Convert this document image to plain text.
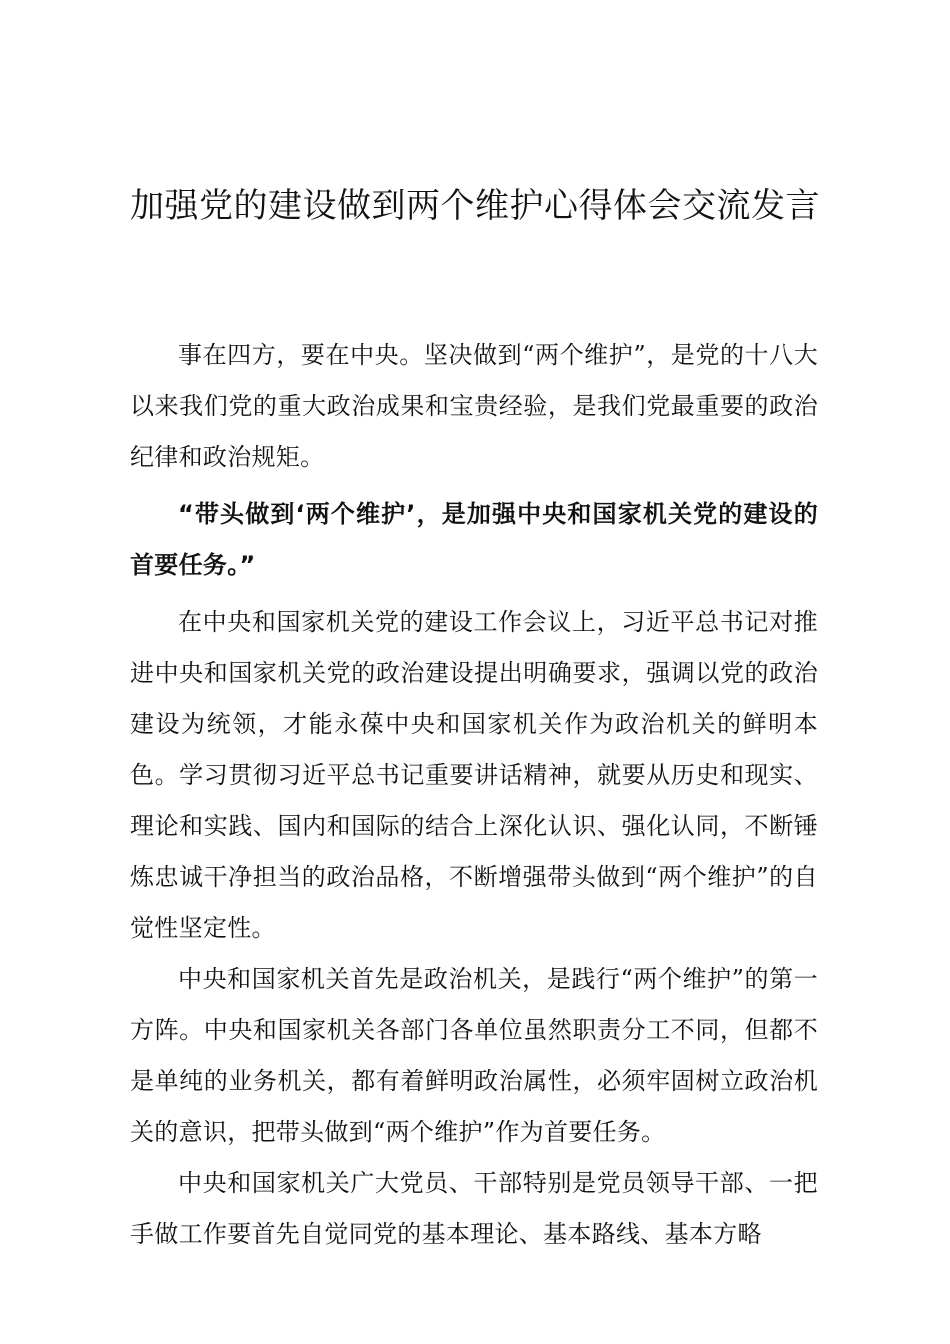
加强党的建设做到两个维护心得体会交流发言

事在四方，要在中央。坚决做到“两个维护”，是党的十八大以来我们党的重大政治成果和宝贵经验，是我们党最重要的政治纪律和政治规矩。

“带头做到‘两个维护’，是加强中央和国家机关党的建设的首要任务。”

在中央和国家机关党的建设工作会议上，习近平总书记对推进中央和国家机关党的政治建设提出明确要求，强调以党的政治建设为统领，才能永葆中央和国家机关作为政治机关的鲜明本色。学习贯彻习近平总书记重要讲话精神，就要从历史和现实、理论和实践、国内和国际的结合上深化认识、强化认同，不断锤炼忠诚干净担当的政治品格，不断增强带头做到“两个维护”的自觉性坚定性。

中央和国家机关首先是政治机关，是践行“两个维护”的第一方阵。中央和国家机关各部门各单位虽然职责分工不同，但都不是单纯的业务机关，都有着鲜明政治属性，必须牢固树立政治机关的意识，把带头做到“两个维护”作为首要任务。

中央和国家机关广大党员、干部特别是党员领导干部、一把手做工作要首先自觉同党的基本理论、基本路线、基本方略
